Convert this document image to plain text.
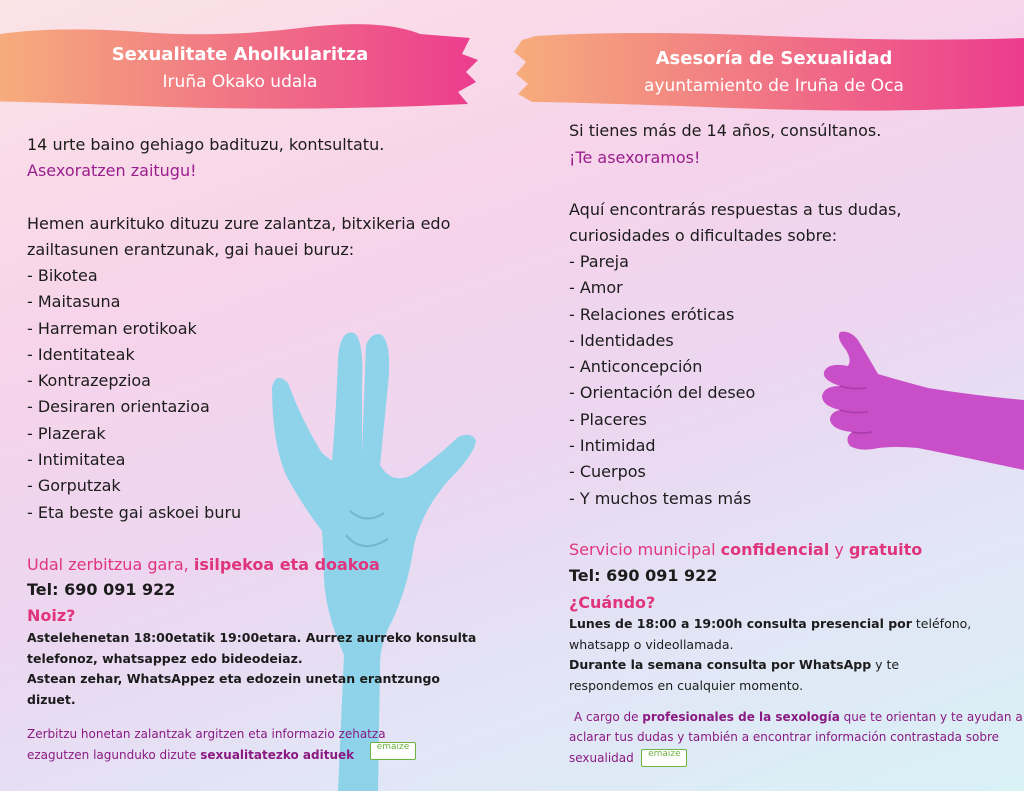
Sexualitate Aholkularitza
Iruña Okako udala
14 urte baino gehiago badituzu, kontsultatu.
Asexoratzen zaitugu!
Hemen aurkituko dituzu zure zalantza, bitxikeria edo
zailtasunen erantzunak, gai hauei buruz:
- Bikotea
- Maitasuna
- Harreman erotikoak
- Identitateak
- Kontrazepzioa
- Desiraren orientazioa
- Plazerak
- Intimitatea
- Gorputzak
- Eta beste gai askoei buru
Udal zerbitzua gara, isilpekoa eta doakoa
Tel: 690 091 922
Noiz?
Astelehenetan 18:00etatik 19:00etara. Aurrez aurreko konsulta
telefonoz, whatsappez edo bideodeiaz.
Astean zehar, WhatsAppez eta edozein unetan erantzungo
dizuet.
Zerbitzu honetan zalantzak argitzen eta informazio zehatza
ezagutzen lagunduko dizute sexualitatezko adituek
emaize

Asesoría de Sexualidad
ayuntamiento de Iruña de Oca
Si tienes más de 14 años, consúltanos.
¡Te asexoramos!
Aquí encontrarás respuestas a tus dudas,
curiosidades o dificultades sobre:
- Pareja
- Amor
- Relaciones eróticas
- Identidades
- Anticoncepción
- Orientación del deseo
- Placeres
- Intimidad
- Cuerpos
- Y muchos temas más
Servicio municipal confidencial y gratuito
Tel: 690 091 922
¿Cuándo?
Lunes de 18:00 a 19:00h consulta presencial por teléfono,
whatsapp o videollamada.
Durante la semana consulta por WhatsApp y te
respondemos en cualquier momento.
A cargo de profesionales de la sexología que te orientan y te ayudan a
aclarar tus dudas y también a encontrar información contrastada sobre
sexualidad emaize
